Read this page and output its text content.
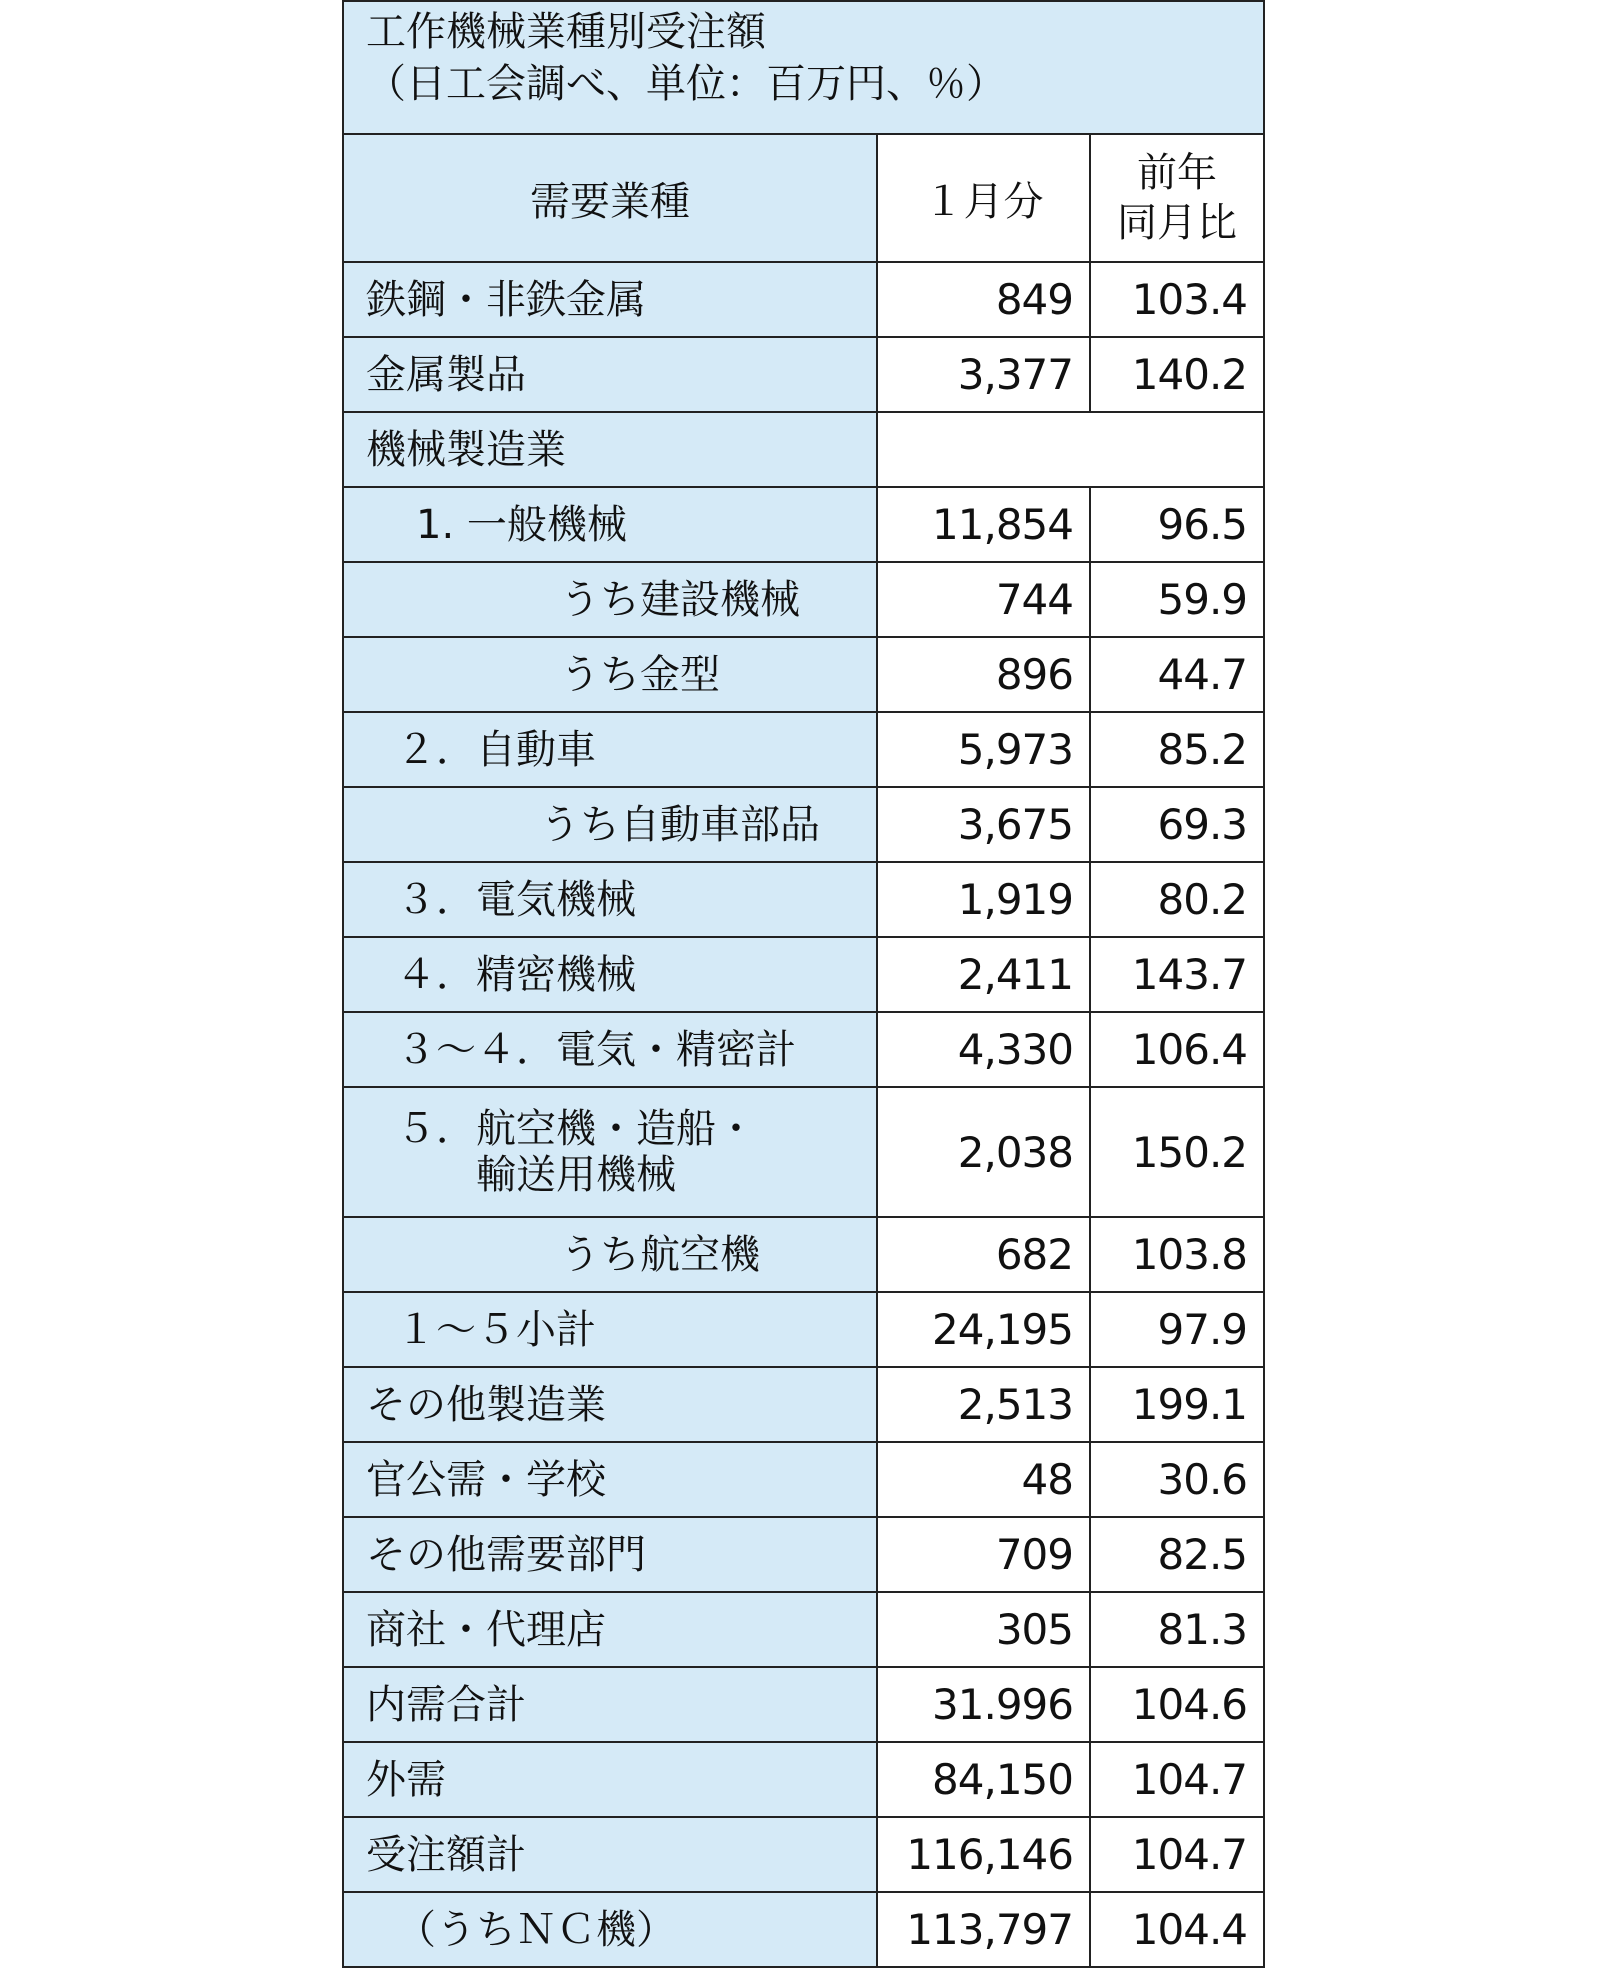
工作機械業種別受注額
（日工会調べ、単位：百万円、％）		

需要業種	１月分	前年
同月比

鉄鋼・非鉄金属	849	103.4
金属製品	3,377	140.2
機械製造業		
1. 一般機械	11,854	96.5
うち建設機械	744	59.9
うち金型	896	44.7
２．自動車	5,973	85.2
うち自動車部品	3,675	69.3
３．電気機械	1,919	80.2
４．精密機械	2,411	143.7
３〜４．電気・精密計	4,330	106.4
５．航空機・造船・
輸送用機械	2,038	150.2
うち航空機	682	103.8
１〜５小計	24,195	97.9
その他製造業	2,513	199.1
官公需・学校	48	30.6
その他需要部門	709	82.5
商社・代理店	305	81.3
内需合計	31.996	104.6
外需	84,150	104.7
受注額計	116,146	104.7
（うちＮＣ機）	113,797	104.4
